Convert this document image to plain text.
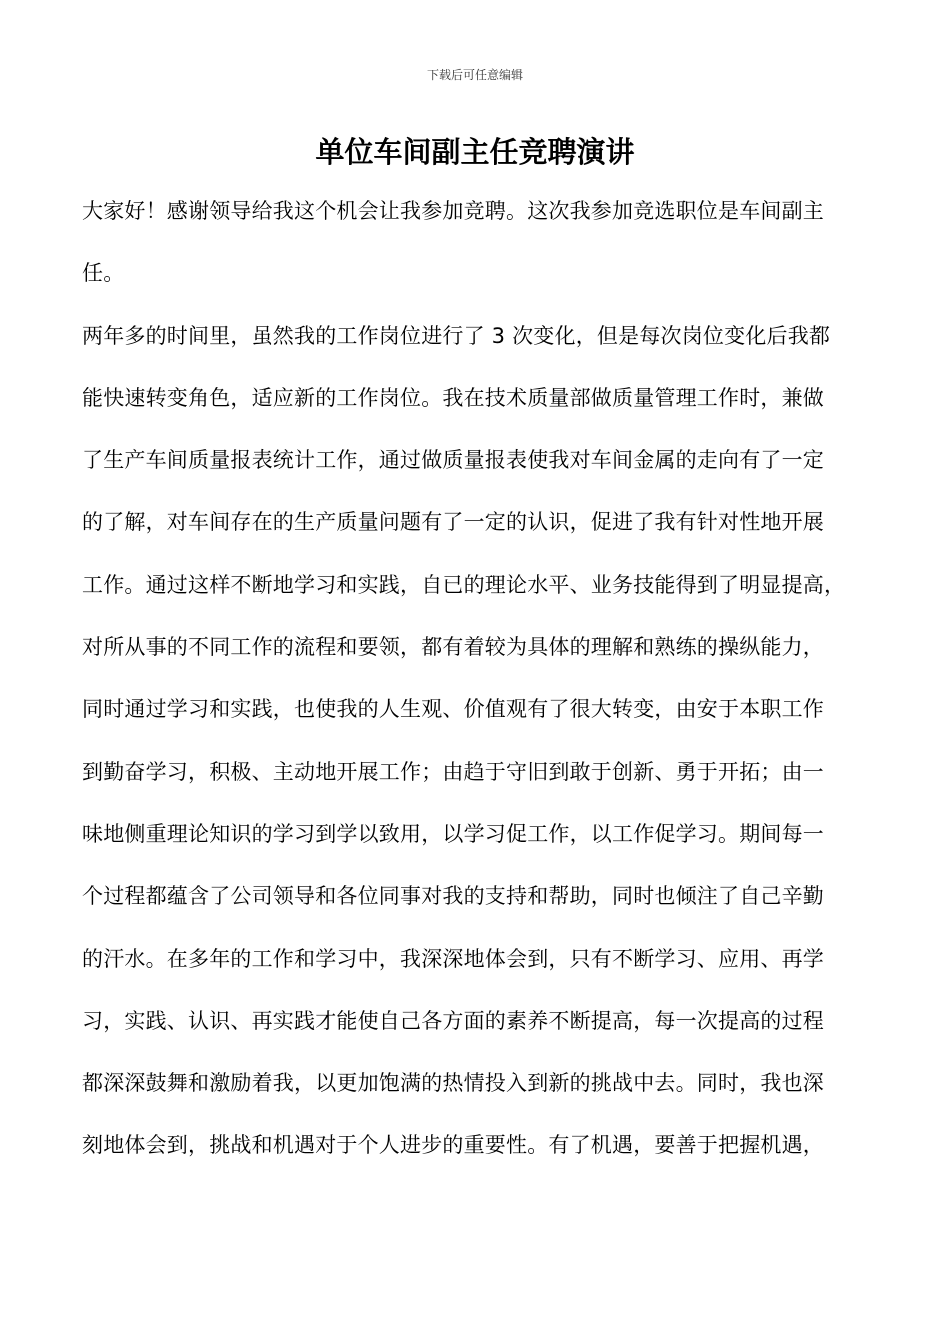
下载后可任意编辑
单位车间副主任竞聘演讲
大家好！感谢领导给我这个机会让我参加竞聘。这次我参加竞选职位是车间副主
任。
两年多的时间里，虽然我的工作岗位进行了 3 次变化，但是每次岗位变化后我都
能快速转变角色，适应新的工作岗位。我在技术质量部做质量管理工作时，兼做
了生产车间质量报表统计工作，通过做质量报表使我对车间金属的走向有了一定
的了解，对车间存在的生产质量问题有了一定的认识，促进了我有针对性地开展
工作。通过这样不断地学习和实践，自已的理论水平、业务技能得到了明显提高，
对所从事的不同工作的流程和要领，都有着较为具体的理解和熟练的操纵能力，
同时通过学习和实践，也使我的人生观、价值观有了很大转变，由安于本职工作
到勤奋学习，积极、主动地开展工作；由趋于守旧到敢于创新、勇于开拓；由一
味地侧重理论知识的学习到学以致用，以学习促工作，以工作促学习。期间每一
个过程都蕴含了公司领导和各位同事对我的支持和帮助，同时也倾注了自己辛勤
的汗水。在多年的工作和学习中，我深深地体会到，只有不断学习、应用、再学
习，实践、认识、再实践才能使自己各方面的素养不断提高，每一次提高的过程
都深深鼓舞和激励着我，以更加饱满的热情投入到新的挑战中去。同时，我也深
刻地体会到，挑战和机遇对于个人进步的重要性。有了机遇，要善于把握机遇，
